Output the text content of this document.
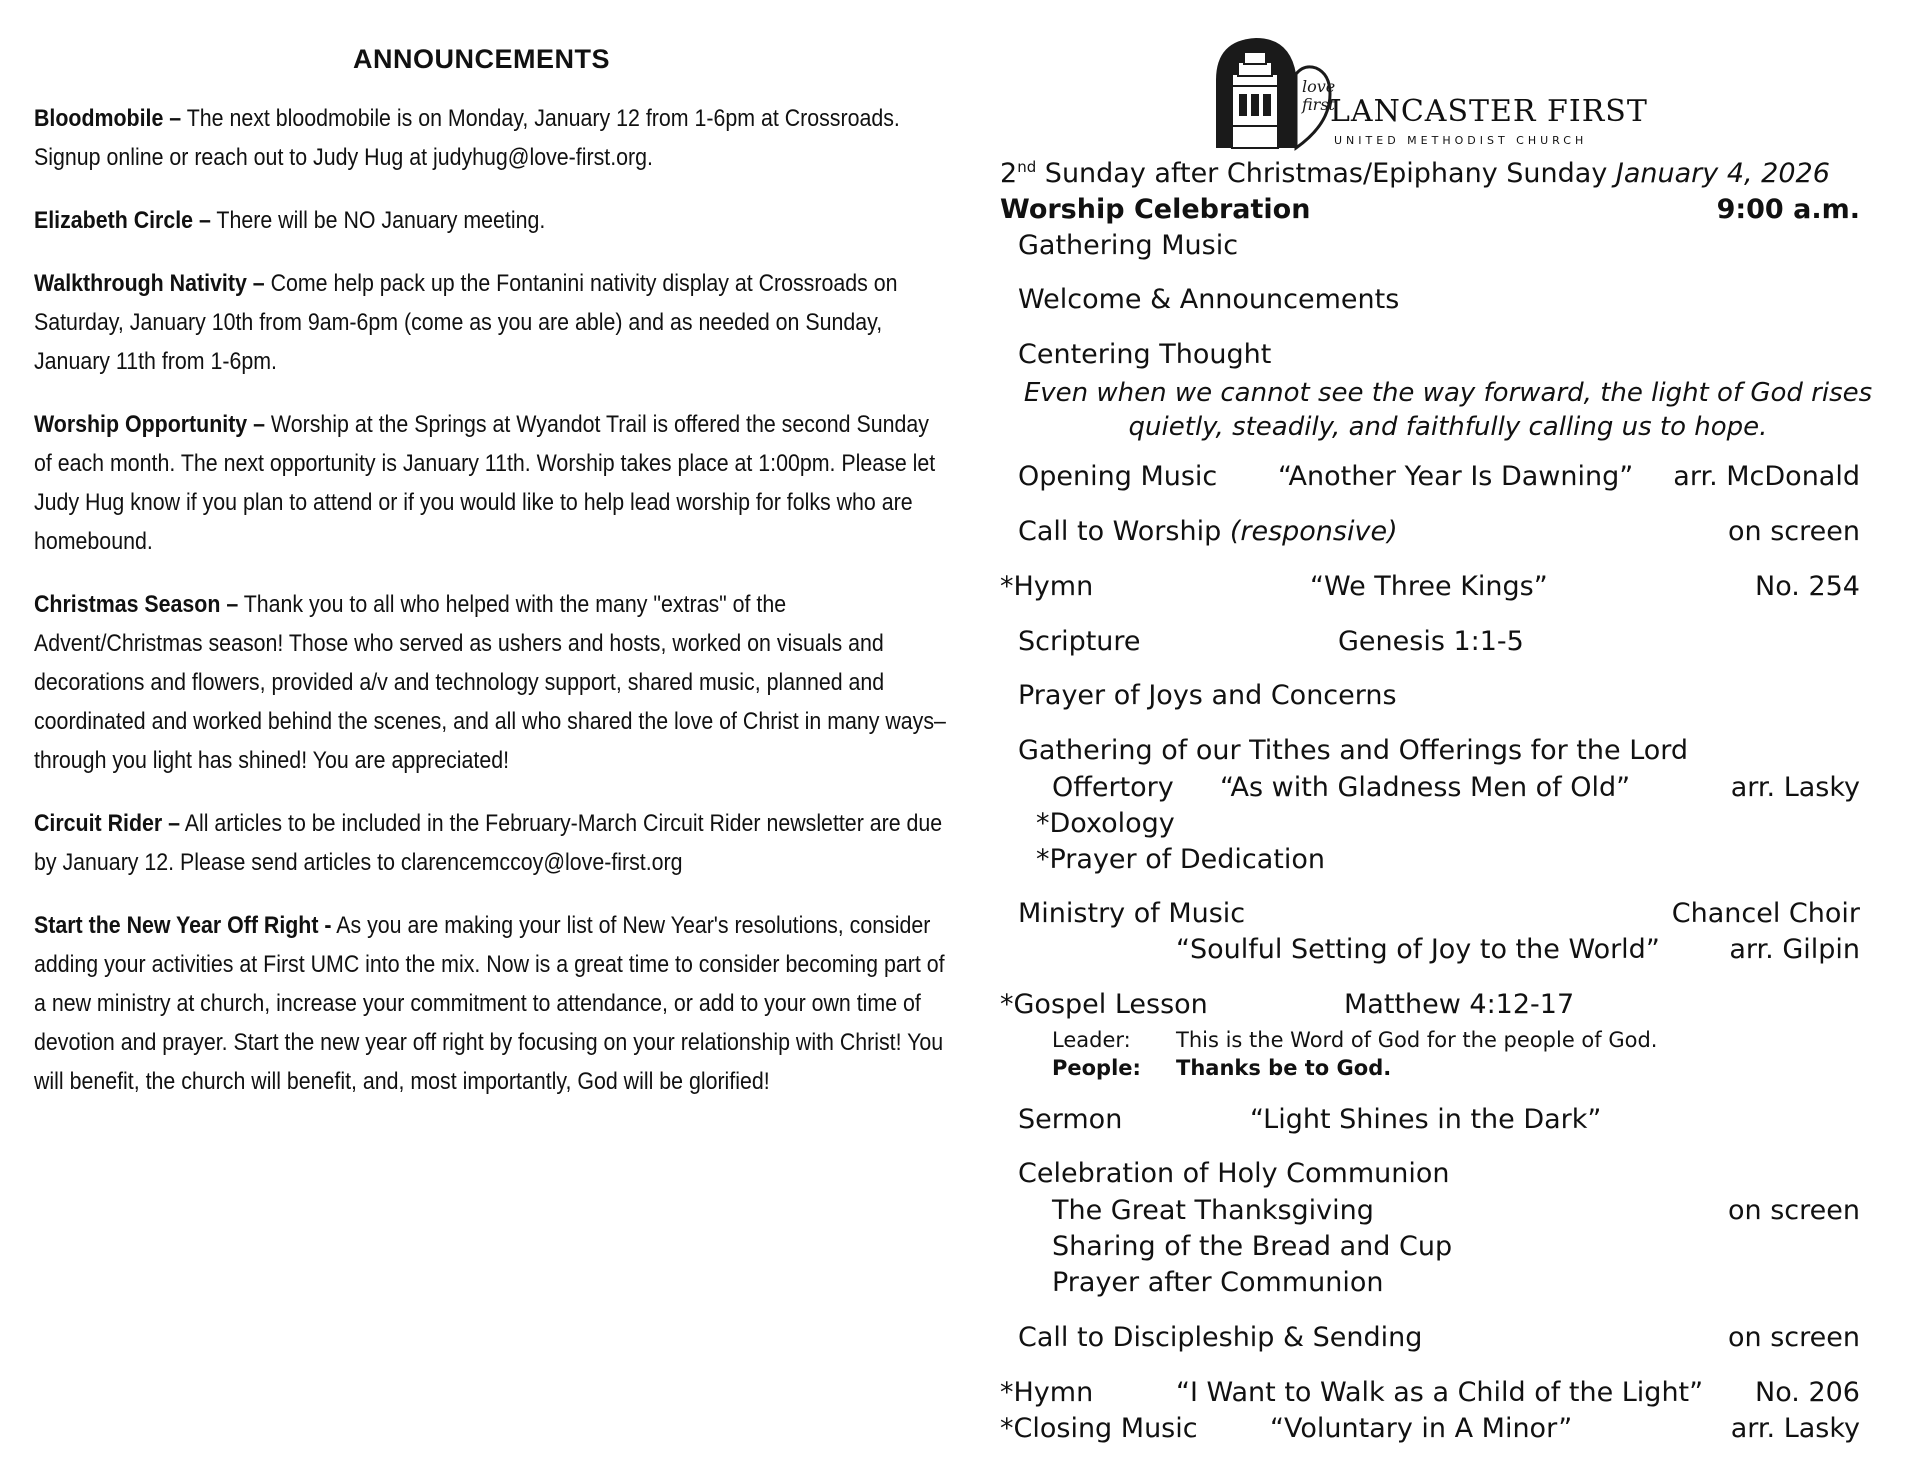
ANNOUNCEMENTS

Bloodmobile – The next bloodmobile is on Monday, January 12 from 1-6pm at Crossroads. Signup online or reach out to Judy Hug at judyhug@love-first.org.

Elizabeth Circle – There will be NO January meeting.

Walkthrough Nativity – Come help pack up the Fontanini nativity display at Crossroads on Saturday, January 10th from 9am-6pm (come as you are able) and as needed on Sunday, January 11th from 1-6pm.

Worship Opportunity – Worship at the Springs at Wyandot Trail is offered the second Sunday of each month. The next opportunity is January 11th. Worship takes place at 1:00pm. Please let Judy Hug know if you plan to attend or if you would like to help lead worship for folks who are homebound.

Christmas Season – Thank you to all who helped with the many "extras" of the Advent/Christmas season! Those who served as ushers and hosts, worked on visuals and decorations and flowers, provided a/v and technology support, shared music, planned and coordinated and worked behind the scenes, and all who shared the love of Christ in many ways– through you light has shined! You are appreciated!

Circuit Rider – All articles to be included in the February-March Circuit Rider newsletter are due by January 12. Please send articles to clarencemccoy@love-first.org

Start the New Year Off Right - As you are making your list of New Year's resolutions, consider adding your activities at First UMC into the mix. Now is a great time to consider becoming part of a new ministry at church, increase your commitment to attendance, or add to your own time of devotion and prayer. Start the new year off right by focusing on your relationship with Christ! You will benefit, the church will benefit, and, most importantly, God will be glorified!

love
first
LANCASTER FIRST
UNITED METHODIST CHURCH
2nd Sunday after Christmas/Epiphany Sunday January 4, 2026
Worship Celebration	9:00 a.m.
Gathering Music
Welcome & Announcements
Centering Thought
Even when we cannot see the way forward, the light of God rises
quietly, steadily, and faithfully calling us to hope.
Opening Music “Another Year Is Dawning” arr. McDonald
Call to Worship (responsive)	on screen
*Hymn	“We Three Kings”	No. 254
Scripture	Genesis 1:1-5
Prayer of Joys and Concerns
Gathering of our Tithes and Offerings for the Lord
Offertory “As with Gladness Men of Old”	arr. Lasky
*Doxology
*Prayer of Dedication
Ministry of Music	Chancel Choir
“Soulful Setting of Joy to the World”	arr. Gilpin
*Gospel Lesson	Matthew 4:12-17
Leader: This is the Word of God for the people of God.
People: Thanks be to God.
Sermon	“Light Shines in the Dark”
Celebration of Holy Communion
The Great Thanksgiving	on screen
Sharing of the Bread and Cup
Prayer after Communion
Call to Discipleship & Sending	on screen
*Hymn	“I Want to Walk as a Child of the Light” No. 206
*Closing Music	“Voluntary in A Minor”	arr. Lasky
